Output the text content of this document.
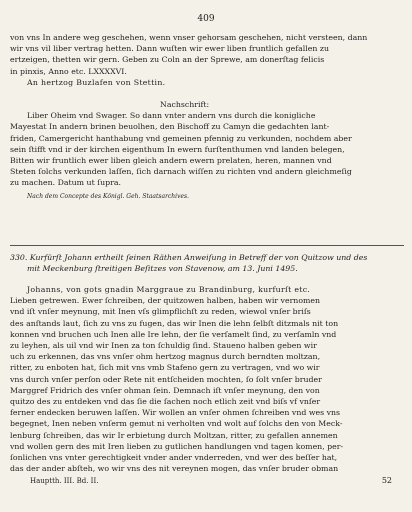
409

von vns In andere weg geschehen, wenn vnser gehorsam geschehen, nicht versteen, dann

wir vns vil liber vertrag hetten. Dann wuſten wir ewer liben fruntlich gefallen zu

ertzeigen, thetten wir gern. Geben zu Coln an der Sprewe, am donerſtag felicis

in pinxis, Anno etc. LXXXXVI.

An hertzog Buzlafen von Stettin.

Nachschrift:

Liber Oheim vnd Swager. So dann vnter andern vns durch die konigliche

Mayestat In andern brinen beuolhen, den Bischoff zu Camyn die gedachten lant-

friden, Camergericht hanthabung vnd gemeinen pfennig zu verkunden, nochdem aber

sein ſtifft vnd ir der kirchen eigenthum In ewern furſtenthumen vnd landen belegen,

Bitten wir fruntlich ewer liben gleich andern ewern prelaten, heren, mannen vnd

Steten ſolchs verkunden laſſen, ſich darnach wiſſen zu richten vnd andern gleichmeſig

zu machen. Datum ut ſupra.

Nach dem Concepte des Königl. Geh. Staatsarchives.

330. Kurfürſt Johann ertheilt ſeinen Räthen Anweiſung in Betreff der von Quitzow und des

mit Meckenburg ſtreitigen Beſitzes von Stavenow, am 13. Juni 1495.

Johanns, von gots gnadin Marggraue zu Brandinburg, kurfurſt etc.

Lieben getrewen. Ewer ſchreiben, der quitzowen halben, haben wir vernomen

vnd iſt vnſer meynung, mit Inen vſs glimpflichſt zu reden, wiewol vnſer briſs

des anſtands laut, ſich zu vns zu fugen, das wir Inen die lehn ſelbſt ditzmals nit ton

konnen vnd bruchen uch Inen alle Ire lehn, der ſie verſamelt ſind, zu verſamln vnd

zu leyhen, als uil vnd wir Inen za ton ſchuldig ſind. Staueno halben geben wir

uch zu erkennen, das vns vnſer ohm hertzog magnus durch berndten moltzan,

ritter, zu enboten hat, ſich mit vns vmb Stafeno gern zu vertragen, vnd wo wir

vns durch vnſer perſon oder Rete nit entſcheiden mochten, ſo ſolt vnſer bruder

Marggref Fridrich des vnſer ohman ſein. Demnach iſt vnſer meynung, den von

quitzo des zu entdeken vnd das ſie die ſachen noch etlich zeit vnd biſs vf vnſer

ferner endecken beruwen laſſen. Wir wollen an vnſer ohmen ſchreiben vnd wes vns

begegnet, Inen neben vnſerm gemut ni verholten vnd wolt auf ſolchs den von Meck-

lenburg ſchreiben, das wir Ir erbietung durch Moltzan, ritter, zu gefallen annemen

vnd wollen gern des mit Iren lieben zu gutlichen handlungen vnd tagen komen, per-

ſonlichen vns vnter gerechtigkeit vnder ander vnderreden, vnd wer des beſſer hat,

das der ander abſteh, wo wir vns des nit vereynen mogen, das vnſer bruder obman

Hauptth. III. Bd. II.	52
